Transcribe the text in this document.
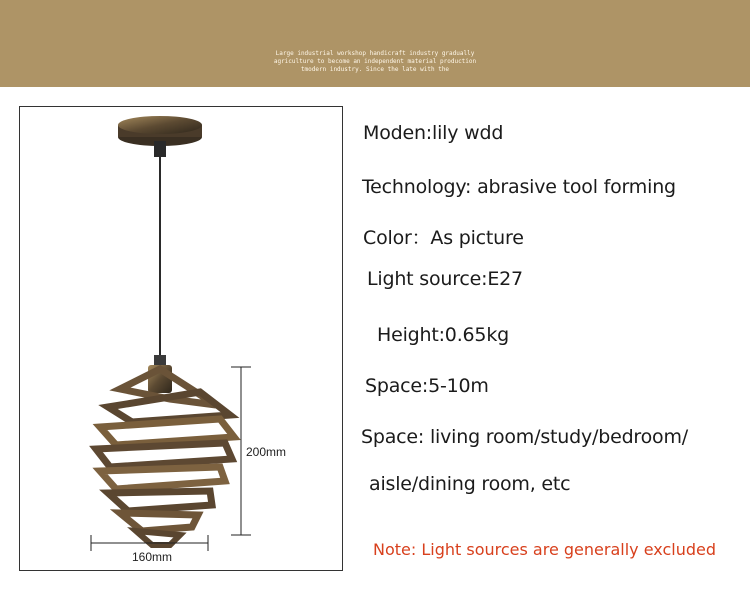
Large industrial workshop handicraft industry gradually
agriculture to become an independent material production
tmodern industry. Since the late with the
200mm
160mm
Moden:lily wdd
Technology: abrasive tool forming
Color：As picture
Light source:E27
Height:0.65kg
Space:5-10m
Space: living room/study/bedroom/
aisle/dining room, etc
Note: Light sources are generally excluded
